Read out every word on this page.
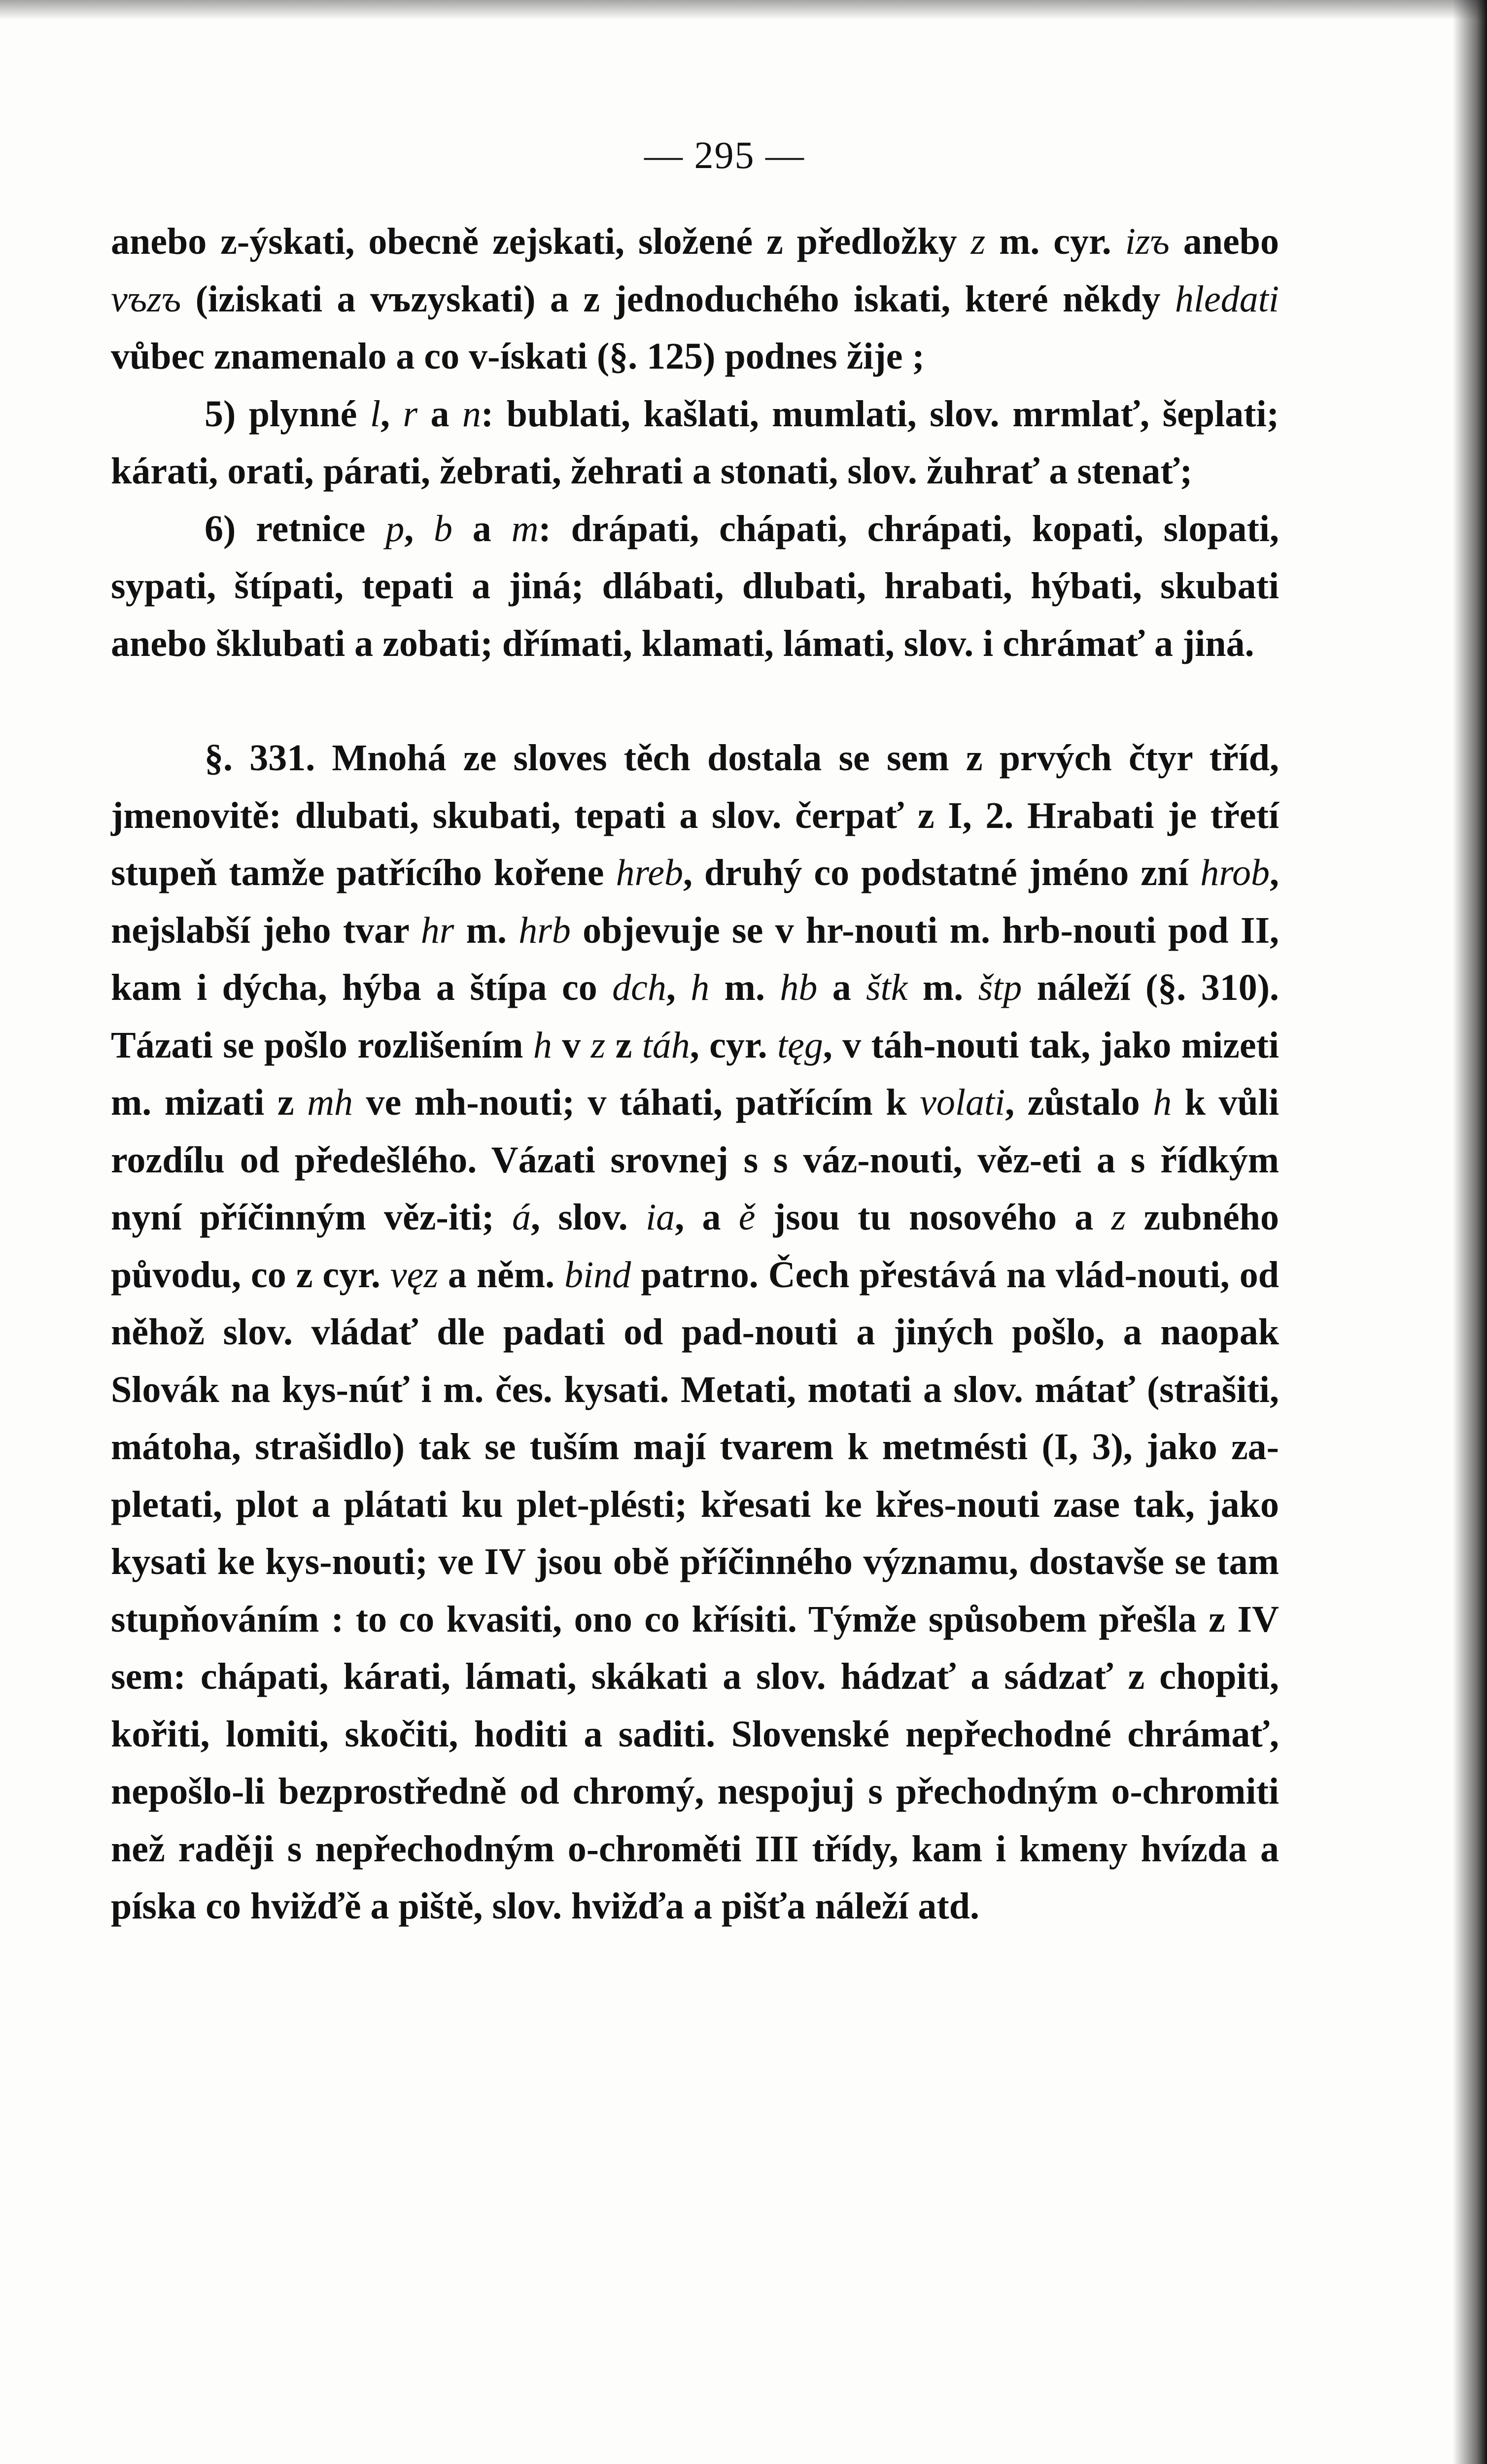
— 295 —

anebo z-ýskati, obecně zejskati, složené z předložky z m. cyr. izъ anebo vъzъ (iziskati a vъzyskati) a z jednoduchého iskati, které někdy hledati vůbec znamenalo a co v-ískati (§. 125) podnes žije ;

5) plynné l, r a n: bublati, kašlati, mumlati, slov. mrmlať, šeplati; kárati, orati, párati, žebrati, žehrati a stonati, slov. žuhrať a stenať;

6) retnice p, b a m: drápati, chápati, chrápati, kopati, slopati, sypati, štípati, tepati a jiná; dlábati, dlubati, hrabati, hýbati, skubati anebo šklubati a zobati; dřímati, klamati, lámati, slov. i chrámať a jiná.

§. 331. Mnohá ze sloves těch dostala se sem z prvých čtyr tříd, jmenovitě: dlubati, skubati, tepati a slov. čerpať z I, 2. Hrabati je třetí stupeň tamže patřícího kořene hreb, druhý co podstatné jméno zní hrob, nejslabší jeho tvar hr m. hrb objevuje se v hr-nouti m. hrb-nouti pod II, kam i dýcha, hýba a štípa co dch, h m. hb a štk m. štp náleží (§. 310). Tázati se pošlo rozlišením h v z z táh, cyr. tęg, v táh-nouti tak, jako mizeti m. mizati z mh ve mh-nouti; v táhati, patřícím k volati, zůstalo h k vůli rozdílu od předešlého. Vázati srovnej s s váz-nouti, věz-eti a s řídkým nyní příčinným věz-iti; á, slov. ia, a ě jsou tu nosového a z zubného původu, co z cyr. vęz a něm. bind patrno. Čech přestává na vlád-nouti, od něhož slov. vládať dle padati od pad-nouti a jiných pošlo, a naopak Slovák na kys-núť i m. čes. kysati. Metati, motati a slov. mátať (strašiti, mátoha, strašidlo) tak se tuším mají tvarem k metmésti (I, 3), jako za-pletati, plot a plátati ku plet-plésti; křesati ke křes-nouti zase tak, jako kysati ke kys-nouti; ve IV jsou obě příčinného významu, dostavše se tam stupňováním : to co kvasiti, ono co křísiti. Týmže spůsobem přešla z IV sem: chápati, kárati, lámati, skákati a slov. hádzať a sádzať z chopiti, kořiti, lomiti, skočiti, hoditi a saditi. Slovenské nepřechodné chrámať, nepošlo-li bezprostředně od chromý, nespojuj s přechodným o-chromiti než raději s nepřechodným o-chroměti III třídy, kam i kmeny hvízda a píska co hvižďě a piště, slov. hvižďa a pišťa náleží atd.
